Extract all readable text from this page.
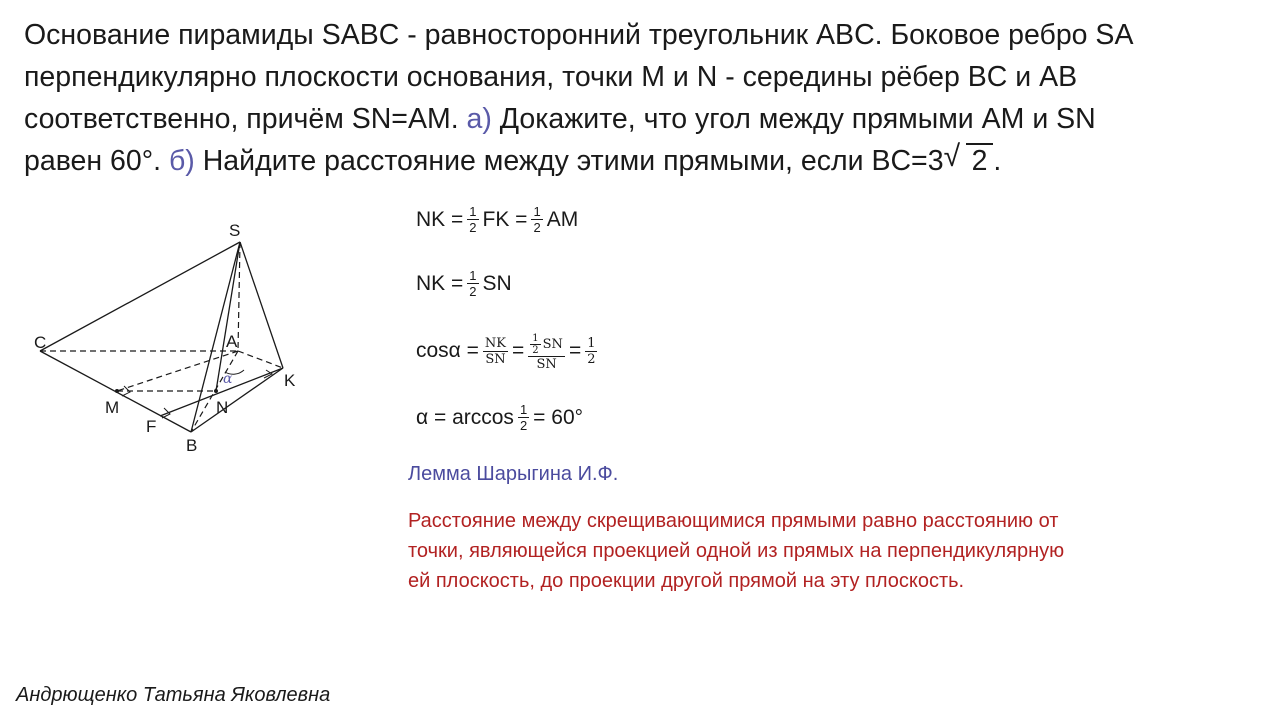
Основание пирамиды SABC - равносторонний треугольник ABC. Боковое ребро SA
перпендикулярно плоскости основания, точки M и N - середины рёбер BC и AB
соответственно, причём SN=AM. а) Докажите, что угол между прямыми AM и SN
равен 60°. б) Найдите расстояние между этими прямыми, если BC=3 √ 2 .
S
A
C
K
M	N
F
B
α
NK = $\frac{1}{2}$ FK = $\frac{1}{2}$ AM
NK = $\frac{1}{2}$ SN
$\cos\alpha = \frac{NK}{SN} = \frac{\frac{1}{2} SN}{SN} = \frac{1}{2}$
$\alpha = \arccos \frac{1}{2} = 60^\circ$
Лемма Шарыгина И.Ф.
Расстояние между скрещивающимися прямыми равно расстоянию от
точки, являющейся проекцией одной из прямых на перпендикулярную
ей плоскость, до проекции другой прямой на эту плоскость.
Андрющенко Татьяна Яковлевна
